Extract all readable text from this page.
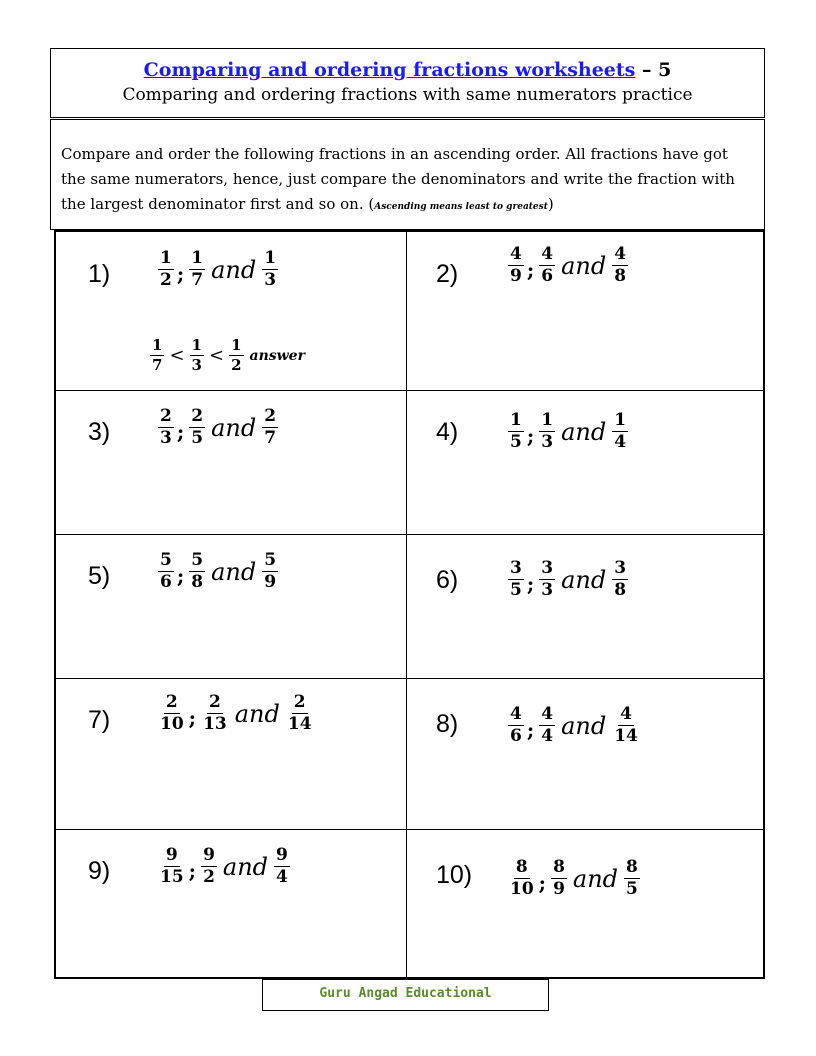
Comparing and ordering fractions worksheets – 5
Comparing and ordering fractions with same numerators practice
Compare and order the following fractions in an ascending order. All fractions have got the same numerators, hence, just compare the denominators and write the fraction with the largest denominator first and so on. (Ascending means least to greatest)
1)	$\frac{1}{2}$ ; $\frac{1}{7}$ and $\frac{1}{3}$	2)	$\frac{4}{9}$ ; $\frac{4}{6}$ and $\frac{4}{8}$
3)	$\frac{2}{3}$ ; $\frac{2}{5}$ and $\frac{2}{7}$	4)	$\frac{1}{5}$ ; $\frac{1}{3}$ and $\frac{1}{4}$
5)	$\frac{5}{6}$ ; $\frac{5}{8}$ and $\frac{5}{9}$	6)	$\frac{3}{5}$ ; $\frac{3}{3}$ and $\frac{3}{8}$
7)	$\frac{2}{10}$ ; $\frac{2}{13}$ and $\frac{2}{14}$	8)	$\frac{4}{6}$ ; $\frac{4}{4}$ and $\frac{4}{14}$
9)	$\frac{9}{15}$ ; $\frac{9}{2}$ and $\frac{9}{4}$	$10) \frac{8}{10}$ ; $\frac{8}{9}$ and $\frac{8}{5}$
$\frac{1}{7} < \frac{1}{3} < \frac{1}{2}$ answer
Guru Angad Educational
